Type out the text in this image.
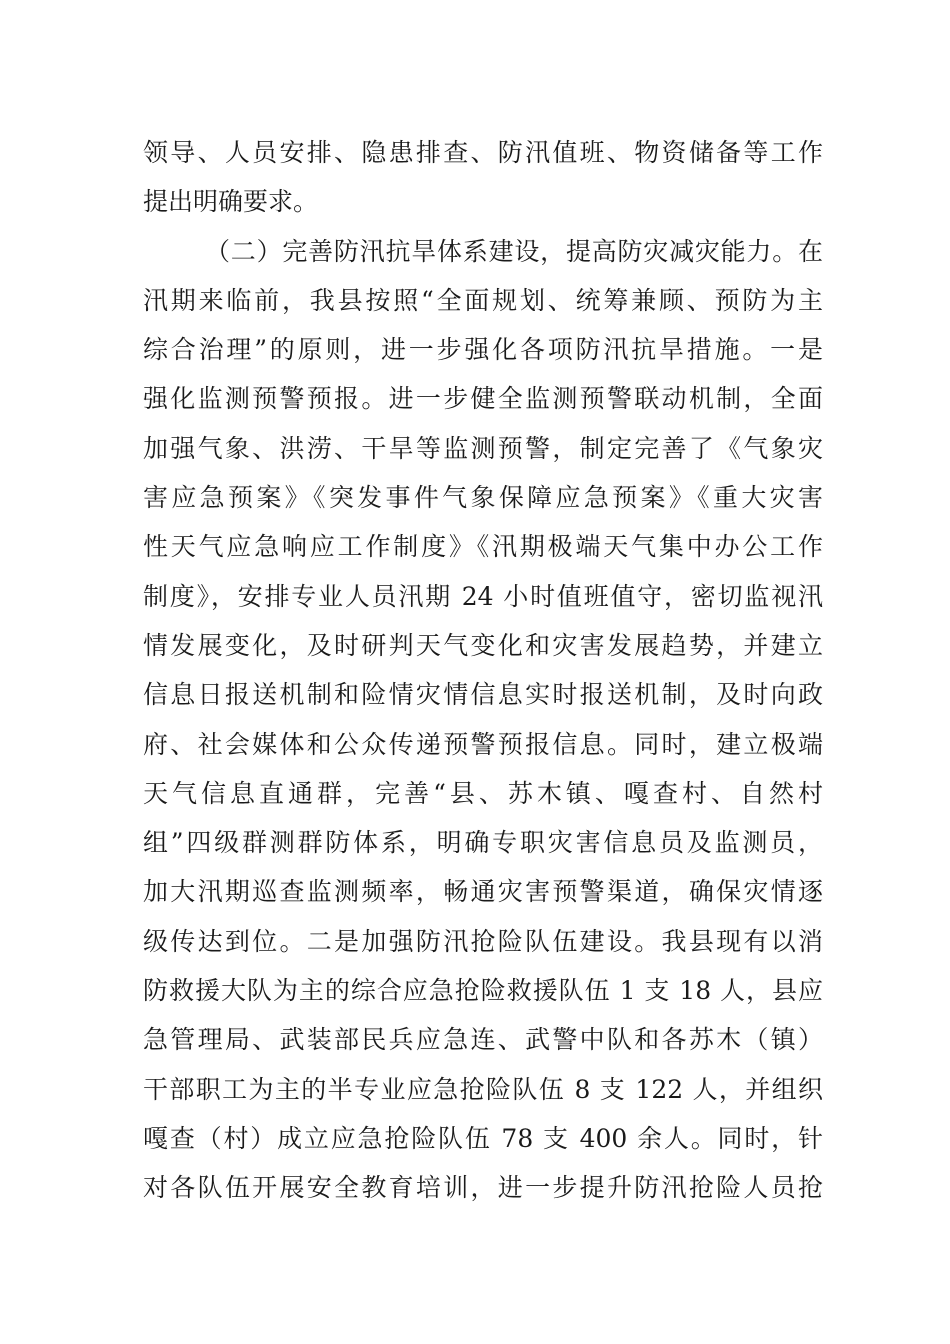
领导、人员安排、隐患排查、防汛值班、物资储备等工作
提出明确要求。
（二）完善防汛抗旱体系建设，提高防灾减灾能力。在
汛期来临前，我县按照“全面规划、统筹兼顾、预防为主
综合治理”的原则，进一步强化各项防汛抗旱措施。一是
强化监测预警预报。进一步健全监测预警联动机制，全面
加强气象、洪涝、干旱等监测预警，制定完善了《气象灾
害应急预案》《突发事件气象保障应急预案》《重大灾害
性天气应急响应工作制度》《汛期极端天气集中办公工作
制度》，安排专业人员汛期 24 小时值班值守，密切监视汛
情发展变化，及时研判天气变化和灾害发展趋势，并建立
信息日报送机制和险情灾情信息实时报送机制，及时向政
府、社会媒体和公众传递预警预报信息。同时，建立极端
天气信息直通群，完善“县、苏木镇、嘎查村、自然村
组”四级群测群防体系，明确专职灾害信息员及监测员，
加大汛期巡查监测频率，畅通灾害预警渠道，确保灾情逐
级传达到位。二是加强防汛抢险队伍建设。我县现有以消
防救援大队为主的综合应急抢险救援队伍 1 支 18 人，县应
急管理局、武装部民兵应急连、武警中队和各苏木（镇）
干部职工为主的半专业应急抢险队伍 8 支 122 人，并组织
嘎查（村）成立应急抢险队伍 78 支 400 余人。同时，针
对各队伍开展安全教育培训，进一步提升防汛抢险人员抢
